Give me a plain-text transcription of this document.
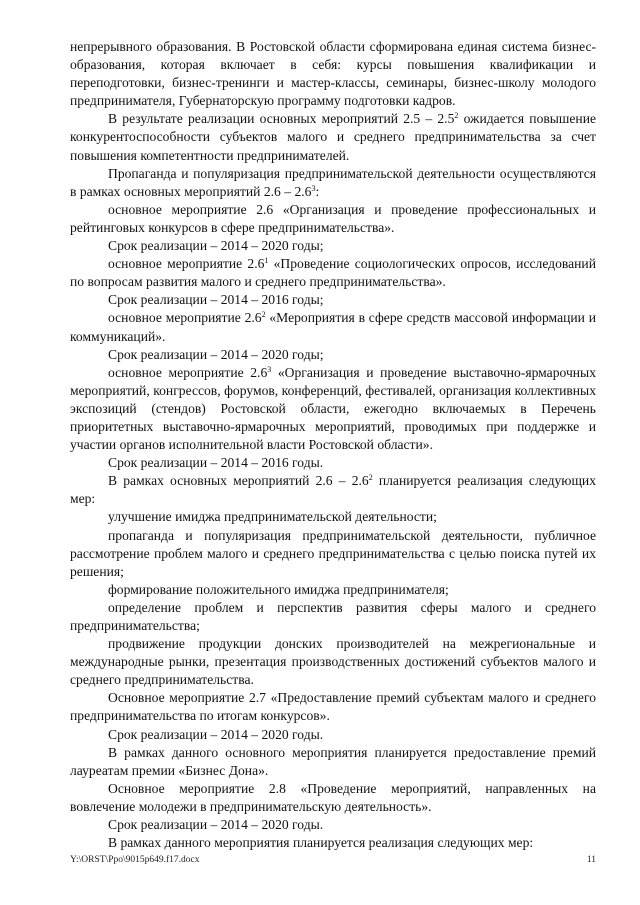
непрерывного образования. В Ростовской области сформирована единая система бизнес-образования, которая включает в себя: курсы повышения квалификации и переподготовки, бизнес-тренинги и мастер-классы, семинары, бизнес-школу молодого предпринимателя, Губернаторскую программу подготовки кадров.

В результате реализации основных мероприятий $2.5 - 2.5^2$ ожидается повышение конкурентоспособности субъектов малого и среднего предпринимательства за счет повышения компетентности предпринимателей.

Пропаганда и популяризация предпринимательской деятельности осуществляются в рамках основных мероприятий $2.6 - 2.6^3$:

основное мероприятие 2.6 «Организация и проведение профессиональных и рейтинговых конкурсов в сфере предпринимательства».

Срок реализации – 2014 – 2020 годы;

основное мероприятие $2.6^1$ «Проведение социологических опросов, исследований по вопросам развития малого и среднего предпринимательства».

Срок реализации – 2014 – 2016 годы;

основное мероприятие $2.6^2$ «Мероприятия в сфере средств массовой информации и коммуникаций».

Срок реализации – 2014 – 2020 годы;

основное мероприятие $2.6^3$ «Организация и проведение выставочно-ярмарочных мероприятий, конгрессов, форумов, конференций, фестивалей, организация коллективных экспозиций (стендов) Ростовской области, ежегодно включаемых в Перечень приоритетных выставочно-ярмарочных мероприятий, проводимых при поддержке и участии органов исполнительной власти Ростовской области».

Срок реализации – 2014 – 2016 годы.

В рамках основных мероприятий $2.6 - 2.6^2$ планируется реализация следующих мер:

улучшение имиджа предпринимательской деятельности;

пропаганда и популяризация предпринимательской деятельности, публичное рассмотрение проблем малого и среднего предпринимательства с целью поиска путей их решения;

формирование положительного имиджа предпринимателя;

определение проблем и перспектив развития сферы малого и среднего предпринимательства;

продвижение продукции донских производителей на межрегиональные и международные рынки, презентация производственных достижений субъектов малого и среднего предпринимательства.

Основное мероприятие 2.7 «Предоставление премий субъектам малого и среднего предпринимательства по итогам конкурсов».

Срок реализации – 2014 – 2020 годы.

В рамках данного основного мероприятия планируется предоставление премий лауреатам премии «Бизнес Дона».

Основное мероприятие 2.8 «Проведение мероприятий, направленных на вовлечение молодежи в предпринимательскую деятельность».

Срок реализации – 2014 – 2020 годы.

В рамках данного мероприятия планируется реализация следующих мер:

Y:\ORST\Ppo\9015p649.f17.docx	11
